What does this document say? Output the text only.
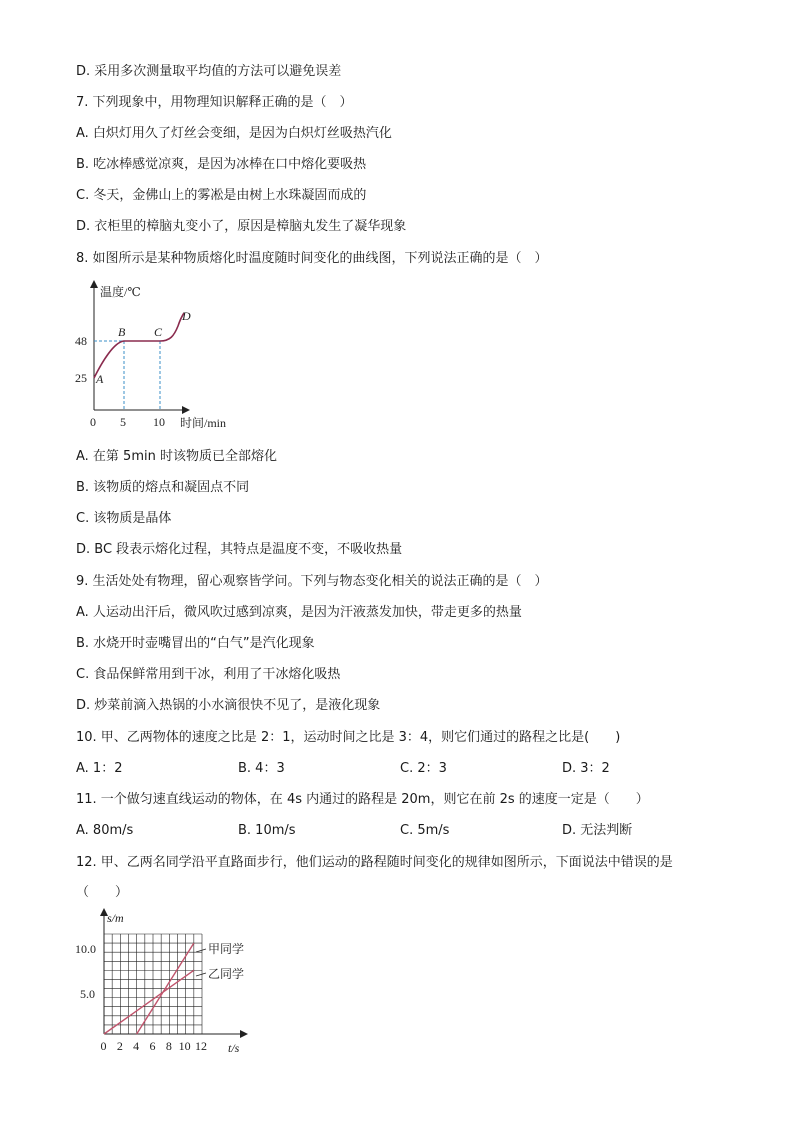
D. 采用多次测量取平均值的方法可以避免误差
7. 下列现象中，用物理知识解释正确的是（　）
A. 白炽灯用久了灯丝会变细，是因为白炽灯丝吸热汽化
B. 吃冰棒感觉凉爽，是因为冰棒在口中熔化要吸热
C. 冬天，金佛山上的雾凇是由树上水珠凝固而成的
D. 衣柜里的樟脑丸变小了，原因是樟脑丸发生了凝华现象
8. 如图所示是某种物质熔化时温度随时间变化的曲线图，下列说法正确的是（　）
温度/℃
时间/min
48
25
0 5 10
A
B C
D
A. 在第 5min 时该物质已全部熔化
B. 该物质的熔点和凝固点不同
C. 该物质是晶体
D. BC 段表示熔化过程，其特点是温度不变，不吸收热量
9. 生活处处有物理，留心观察皆学问。下列与物态变化相关的说法正确的是（　）
A. 人运动出汗后，微风吹过感到凉爽，是因为汗液蒸发加快，带走更多的热量
B. 水烧开时壶嘴冒出的“白气”是汽化现象
C. 食品保鲜常用到干冰，利用了干冰熔化吸热
D. 炒菜前滴入热锅的小水滴很快不见了，是液化现象
10. 甲、乙两物体的速度之比是 2：1，运动时间之比是 3：4，则它们通过的路程之比是(　　)
A. 1：2	B. 4：3	C. 2：3	D. 3：2
11. 一个做匀速直线运动的物体，在 4s 内通过的路程是 20m，则它在前 2s 的速度一定是（　　）
A. 80m/s	B. 10m/s	C. 5m/s	D. 无法判断
12. 甲、乙两名同学沿平直路面步行，他们运动的路程随时间变化的规律如图所示，下面说法中错误的是
（　　）
s/m
t/s
10.0
5.0
0 2 4 6 8 10 12
甲同学
乙同学
